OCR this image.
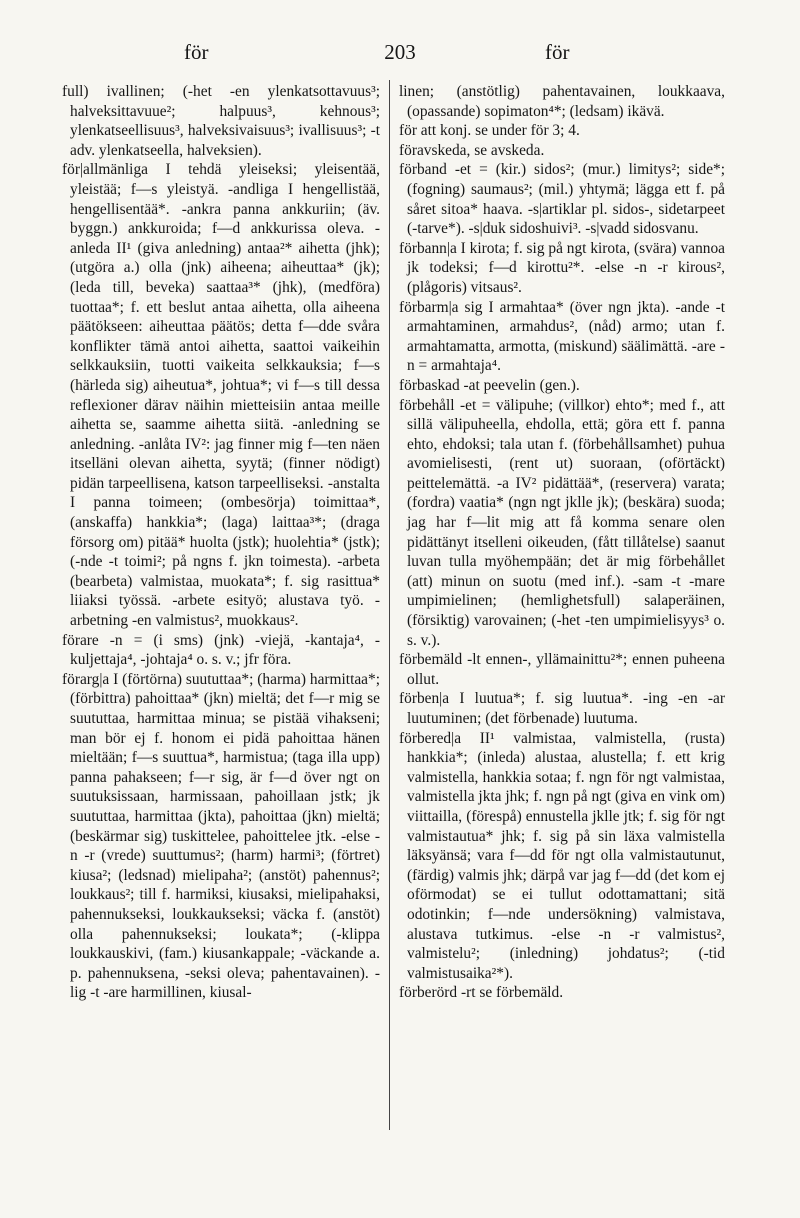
för	203	för

full) ivallinen; (-het -en ylenkatsottavuus³; halveksittavuue²; halpuus³, kehnous³; ylenkatseellisuus³, halveksivaisuus³; ivallisuus³; -t adv. ylenkatseella, halveksien).

för|allmänliga I tehdä yleiseksi; yleisentää, yleistää; f—s yleistyä. -andliga I hengellistää, hengellisentää*. -ankra panna ankkuriin; (äv. byggn.) ankkuroida; f—d ankkurissa oleva. -anleda II¹ (giva anledning) antaa²* aihetta (jhk); (utgöra a.) olla (jnk) aiheena; aiheuttaa* (jk); (leda till, beveka) saattaa³* (jhk), (medföra) tuottaa*; f. ett beslut antaa aihetta, olla aiheena päätökseen: aiheuttaa päätös; detta f—dde svåra konflikter tämä antoi aihetta, saattoi vaikeihin selkkauksiin, tuotti vaikeita selkkauksia; f—s (härleda sig) aiheutua*, johtua*; vi f—s till dessa reflexioner därav näihin mietteisiin antaa meille aihetta se, saamme aihetta siitä. -anledning se anledning. -anlåta IV²: jag finner mig f—ten näen itselläni olevan aihetta, syytä; (finner nödigt) pidän tarpeellisena, katson tarpeelliseksi. -anstalta I panna toimeen; (ombesörja) toimittaa*, (anskaffa) hankkia*; (laga) laittaa³*; (draga försorg om) pitää* huolta (jstk); huolehtia* (jstk); (-nde -t toimi²; på ngns f. jkn toimesta). -arbeta (bearbeta) valmistaa, muokata*; f. sig rasittua* liiaksi työssä. -arbete esityö; alustava työ. -arbetning -en valmistus², muokkaus².

förare -n = (i sms) (jnk) -viejä, -kantaja⁴, -kuljettaja⁴, -johtaja⁴ o. s. v.; jfr föra.

förarg|a I (förtörna) suututtaa*; (harma) harmittaa*; (förbittra) pahoittaa* (jkn) mieltä; det f—r mig se suututtaa, harmittaa minua; se pistää vihakseni; man bör ej f. honom ei pidä pahoittaa hänen mieltään; f—s suuttua*, harmistua; (taga illa upp) panna pahakseen; f—r sig, är f—d över ngt on suutuksissaan, harmissaan, pahoillaan jstk; jk suututtaa, harmittaa (jkta), pahoittaa (jkn) mieltä; (beskärmar sig) tuskittelee, pahoittelee jtk. -else -n -r (vrede) suuttumus²; (harm) harmi³; (förtret) kiusa²; (ledsnad) mielipaha²; (anstöt) pahennus²; loukkaus²; till f. harmiksi, kiusaksi, mielipahaksi, pahennukseksi, loukkaukseksi; väcka f. (anstöt) olla pahennukseksi; loukata*; (-klippa loukkauskivi, (fam.) kiusankappale; -väckande a. p. pahennuksena, -seksi oleva; pahentavainen). -lig -t -are harmillinen, kiusal-

linen; (anstötlig) pahentavainen, loukkaava, (opassande) sopimaton⁴*; (ledsam) ikävä.

för att konj. se under för 3; 4.

föravskeda, se avskeda.

förband -et = (kir.) sidos²; (mur.) limitys²; side*; (fogning) saumaus²; (mil.) yhtymä; lägga ett f. på såret sitoa* haava. -s|artiklar pl. sidos-, sidetarpeet (-tarve*). -s|duk sidoshuivi³. -s|vadd sidosvanu.

förbann|a I kirota; f. sig på ngt kirota, (svära) vannoa jk todeksi; f—d kirottu²*. -else -n -r kirous², (plågoris) vitsaus².

förbarm|a sig I armahtaa* (över ngn jkta). -ande -t armahtaminen, armahdus², (nåd) armo; utan f. armahtamatta, armotta, (miskund) säälimättä. -are -n = armahtaja⁴.

förbaskad -at peevelin (gen.).

förbehåll -et = välipuhe; (villkor) ehto*; med f., att sillä välipuheella, ehdolla, että; göra ett f. panna ehto, ehdoksi; tala utan f. (förbehållsamhet) puhua avomielisesti, (rent ut) suoraan, (oförtäckt) peittelemättä. -a IV² pidättää*, (reservera) varata; (fordra) vaatia* (ngn ngt jklle jk); (beskära) suoda; jag har f—lit mig att få komma senare olen pidättänyt itselleni oikeuden, (fått tillåtelse) saanut luvan tulla myöhempään; det är mig förbehållet (att) minun on suotu (med inf.). -sam -t -mare umpimielinen; (hemlighetsfull) salaperäinen, (försiktig) varovainen; (-het -ten umpimielisyys³ o. s. v.).

förbemäld -lt ennen-, yllämainittu²*; ennen puheena ollut.

förben|a I luutua*; f. sig luutua*. -ing -en -ar luutuminen; (det förbenade) luutuma.

förbered|a II¹ valmistaa, valmistella, (rusta) hankkia*; (inleda) alustaa, alustella; f. ett krig valmistella, hankkia sotaa; f. ngn för ngt valmistaa, valmistella jkta jhk; f. ngn på ngt (giva en vink om) viittailla, (förespå) ennustella jklle jtk; f. sig för ngt valmistautua* jhk; f. sig på sin läxa valmistella läksyänsä; vara f—dd för ngt olla valmistautunut, (färdig) valmis jhk; därpå var jag f—dd (det kom ej oförmodat) se ei tullut odottamattani; sitä odotinkin; f—nde undersökning) valmistava, alustava tutkimus. -else -n -r valmistus², valmistelu²; (inledning) johdatus²; (-tid valmistusaika²*).

förberörd -rt se förbemäld.
